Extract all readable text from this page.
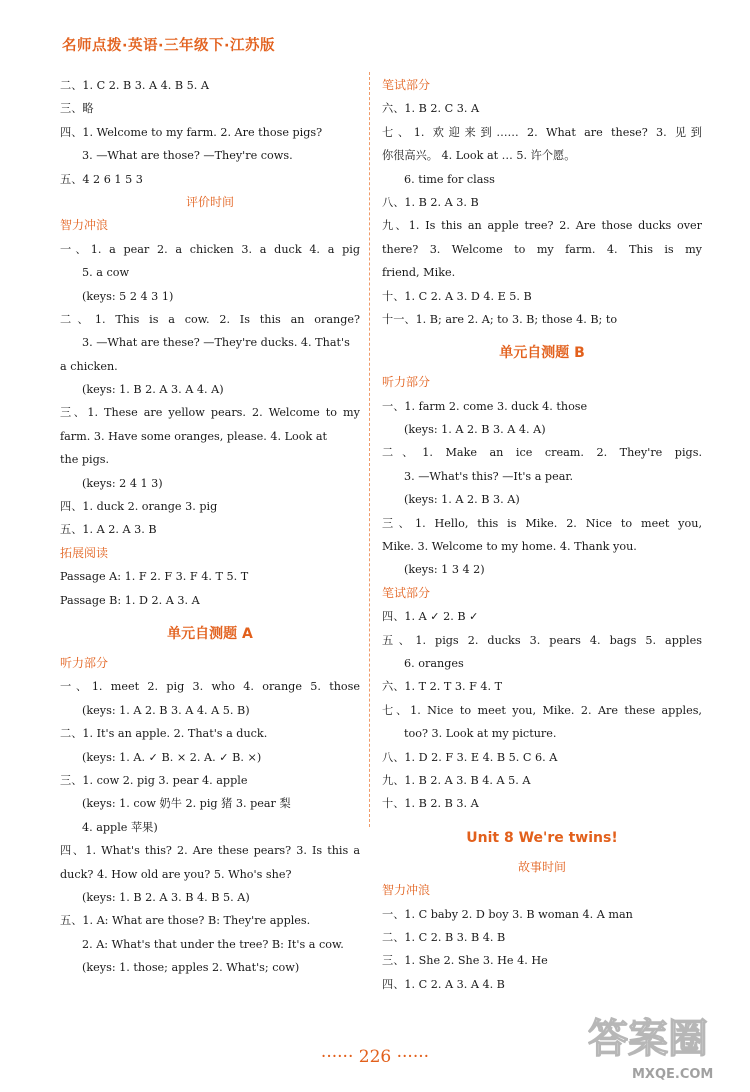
名师点拨·英语·三年级下·江苏版
二、1. C 2. B 3. A 4. B 5. A
三、略
四、1. Welcome to my farm. 2. Are those pigs?
3. —What are those? —They're cows.
五、4 2 6 1 5 3
评价时间
智力冲浪
一、1. a pear 2. a chicken 3. a duck 4. a pig
5. a cow
(keys: 5 2 4 3 1)
二、1. This is a cow. 2. Is this an orange?
3. —What are these? —They're ducks. 4. That's
a chicken.
(keys: 1. B 2. A 3. A 4. A)
三、1. These are yellow pears. 2. Welcome to my
farm. 3. Have some oranges, please. 4. Look at
the pigs.
(keys: 2 4 1 3)
四、1. duck 2. orange 3. pig
五、1. A 2. A 3. B
拓展阅读
Passage A: 1. F 2. F 3. F 4. T 5. T
Passage B: 1. D 2. A 3. A
单元自测题 A
听力部分
一、1. meet 2. pig 3. who 4. orange 5. those
(keys: 1. A 2. B 3. A 4. A 5. B)
二、1. It's an apple. 2. That's a duck.
(keys: 1. A. ✓ B. × 2. A. ✓ B. ×)
三、1. cow 2. pig 3. pear 4. apple
(keys: 1. cow 奶牛 2. pig 猪 3. pear 梨
4. apple 苹果)
四、1. What's this? 2. Are these pears? 3. Is this a
duck? 4. How old are you? 5. Who's she?
(keys: 1. B 2. A 3. B 4. B 5. A)
五、1. A: What are those? B: They're apples.
2. A: What's that under the tree? B: It's a cow.
(keys: 1. those; apples 2. What's; cow)
笔试部分
六、1. B 2. C 3. A
七、1. 欢迎来到…… 2. What are these? 3. 见到
你很高兴。 4. Look at … 5. 许个愿。
6. time for class
八、1. B 2. A 3. B
九、1. Is this an apple tree? 2. Are those ducks over
there? 3. Welcome to my farm. 4. This is my
friend, Mike.
十、1. C 2. A 3. D 4. E 5. B
十一、1. B; are 2. A; to 3. B; those 4. B; to
单元自测题 B
听力部分
一、1. farm 2. come 3. duck 4. those
(keys: 1. A 2. B 3. A 4. A)
二、1. Make an ice cream. 2. They're pigs.
3. —What's this? —It's a pear.
(keys: 1. A 2. B 3. A)
三、1. Hello, this is Mike. 2. Nice to meet you,
Mike. 3. Welcome to my home. 4. Thank you.
(keys: 1 3 4 2)
笔试部分
四、1. A ✓ 2. B ✓
五、1. pigs 2. ducks 3. pears 4. bags 5. apples
6. oranges
六、1. T 2. T 3. F 4. T
七、1. Nice to meet you, Mike. 2. Are these apples,
too? 3. Look at my picture.
八、1. D 2. F 3. E 4. B 5. C 6. A
九、1. B 2. A 3. B 4. A 5. A
十、1. B 2. B 3. A
Unit 8 We're twins!
故事时间
智力冲浪
一、1. C baby 2. D boy 3. B woman 4. A man
二、1. C 2. B 3. B 4. B
三、1. She 2. She 3. He 4. He
四、1. C 2. A 3. A 4. B
······ 226 ······	答案圈
MXQE.COM
